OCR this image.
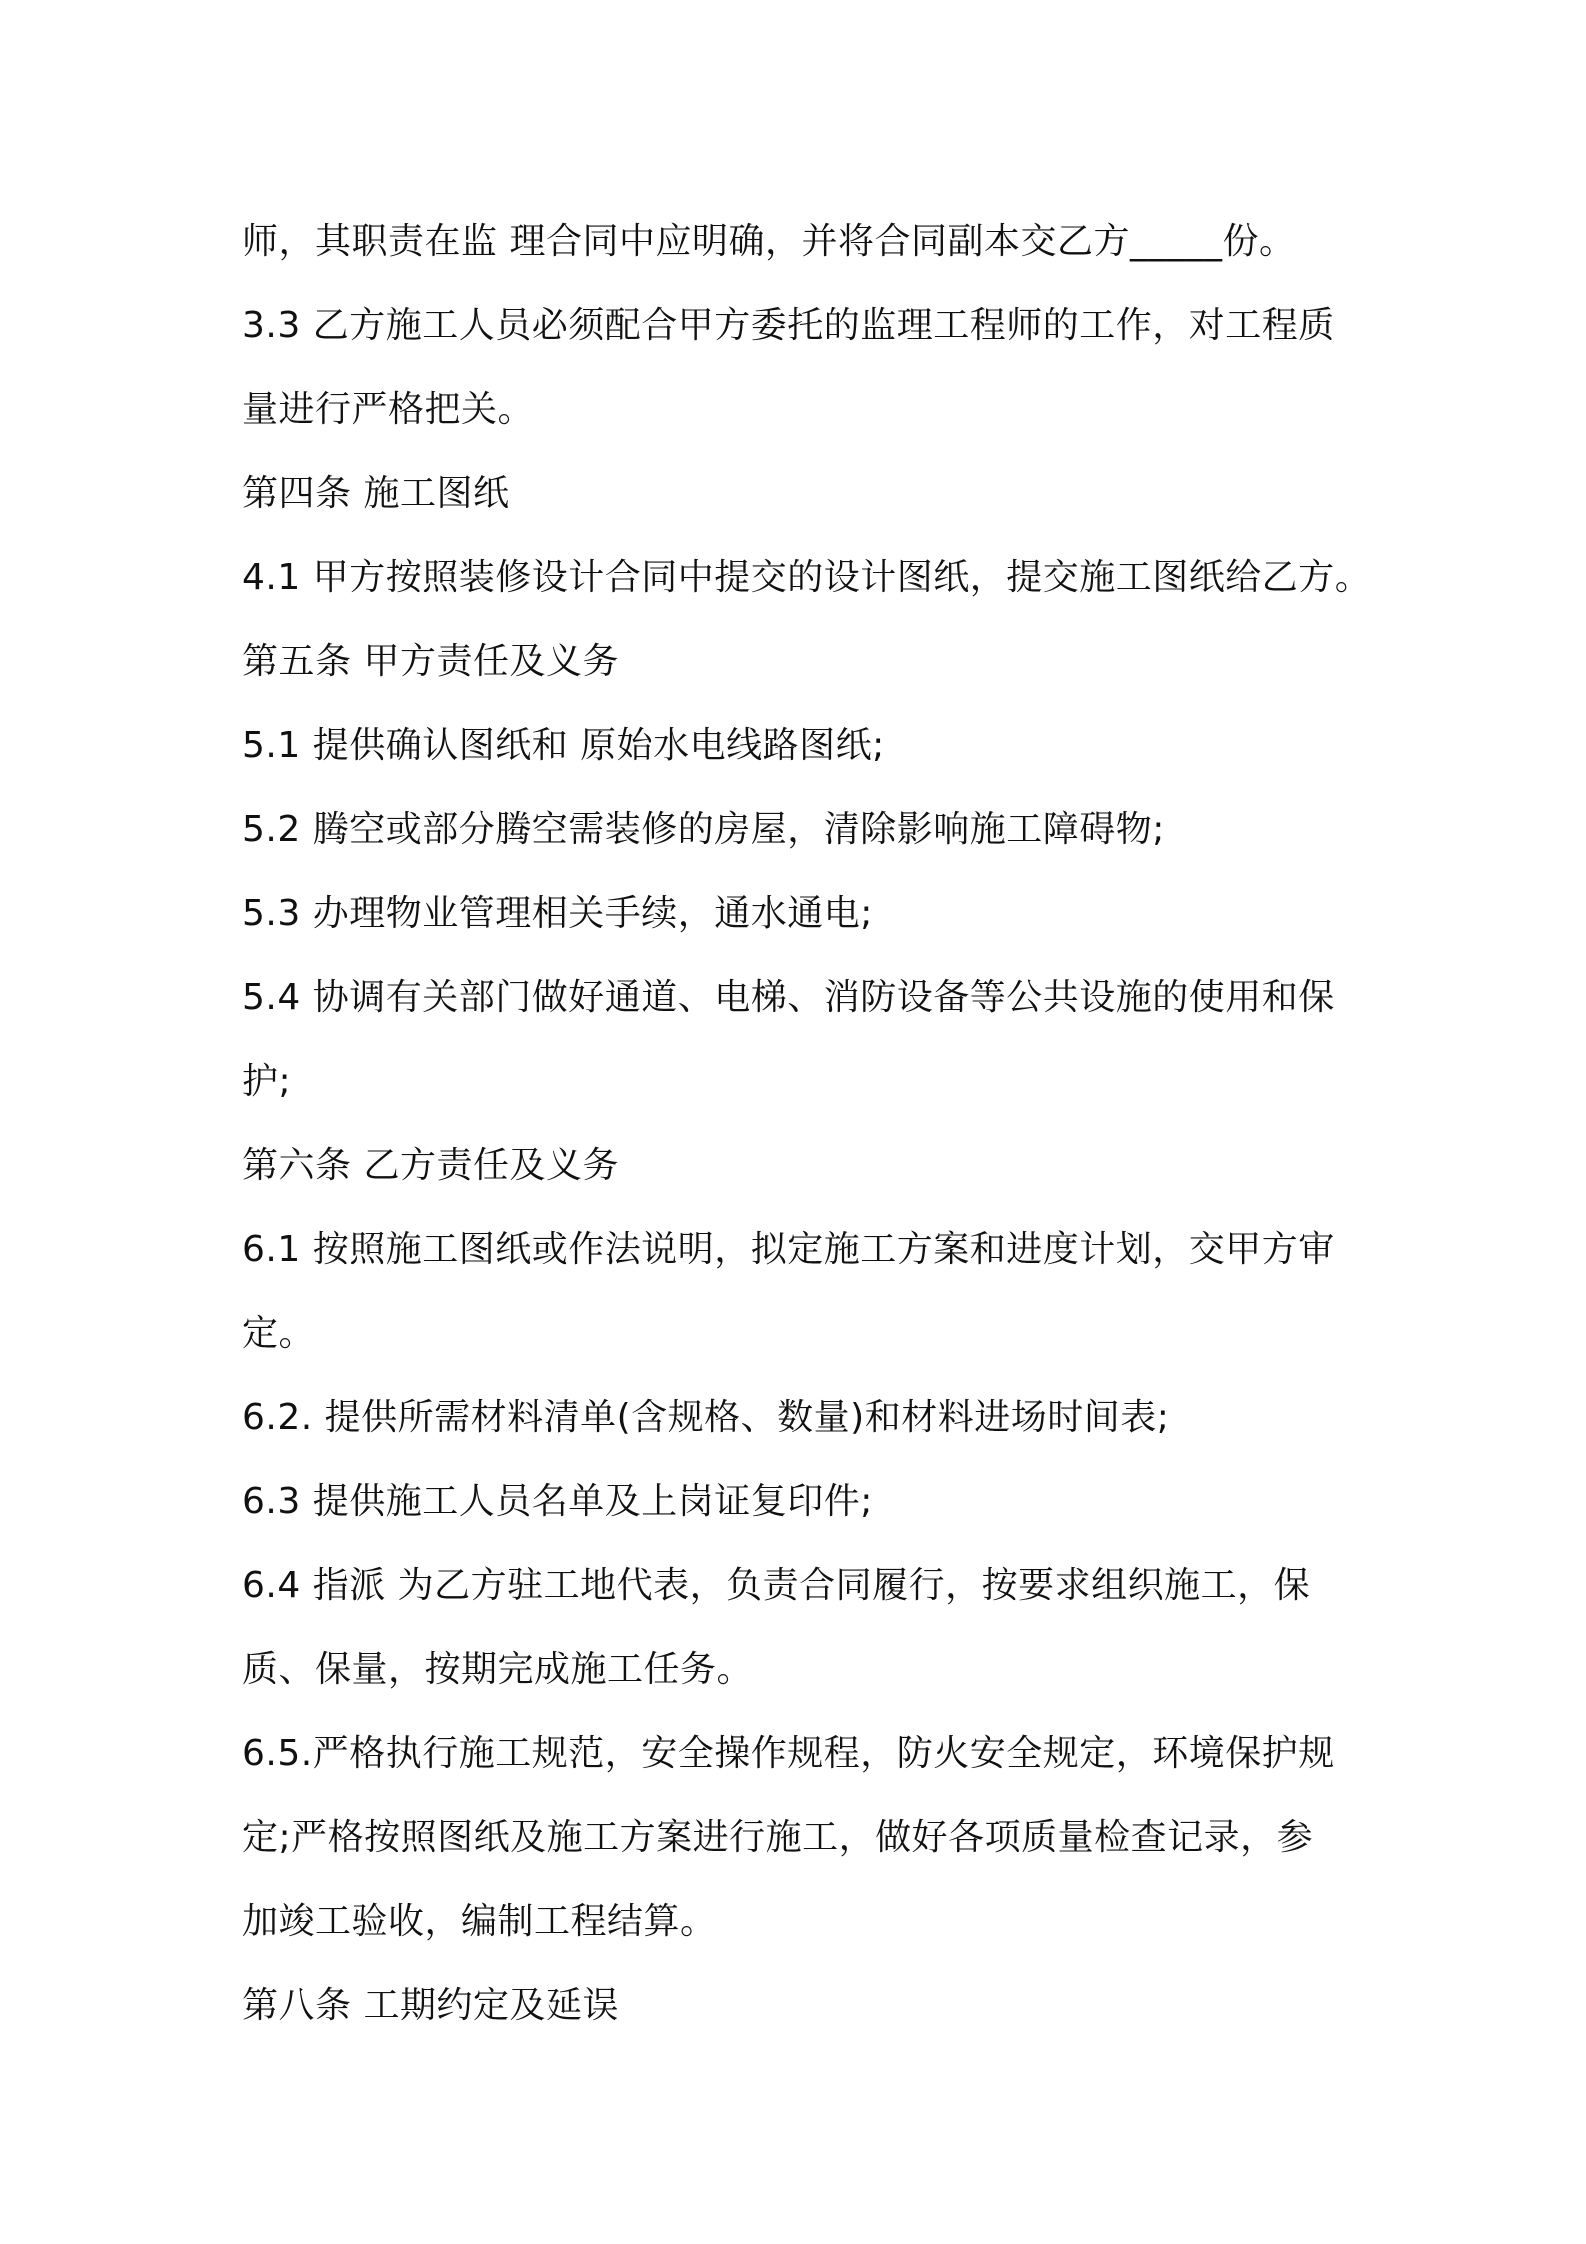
师，其职责在监 理合同中应明确，并将合同副本交乙方_____份。
3.3 乙方施工人员必须配合甲方委托的监理工程师的工作，对工程质
量进行严格把关。
第四条 施工图纸
4.1 甲方按照装修设计合同中提交的设计图纸，提交施工图纸给乙方。
第五条 甲方责任及义务
5.1 提供确认图纸和 原始水电线路图纸;
5.2 腾空或部分腾空需装修的房屋，清除影响施工障碍物;
5.3 办理物业管理相关手续，通水通电;
5.4 协调有关部门做好通道、电梯、消防设备等公共设施的使用和保
护;
第六条 乙方责任及义务
6.1 按照施工图纸或作法说明，拟定施工方案和进度计划，交甲方审
定。
6.2. 提供所需材料清单(含规格、数量)和材料进场时间表;
6.3 提供施工人员名单及上岗证复印件;
6.4 指派 为乙方驻工地代表，负责合同履行，按要求组织施工，保
质、保量，按期完成施工任务。
6.5.严格执行施工规范，安全操作规程，防火安全规定，环境保护规
定;严格按照图纸及施工方案进行施工，做好各项质量检查记录，参
加竣工验收，编制工程结算。
第八条 工期约定及延误
